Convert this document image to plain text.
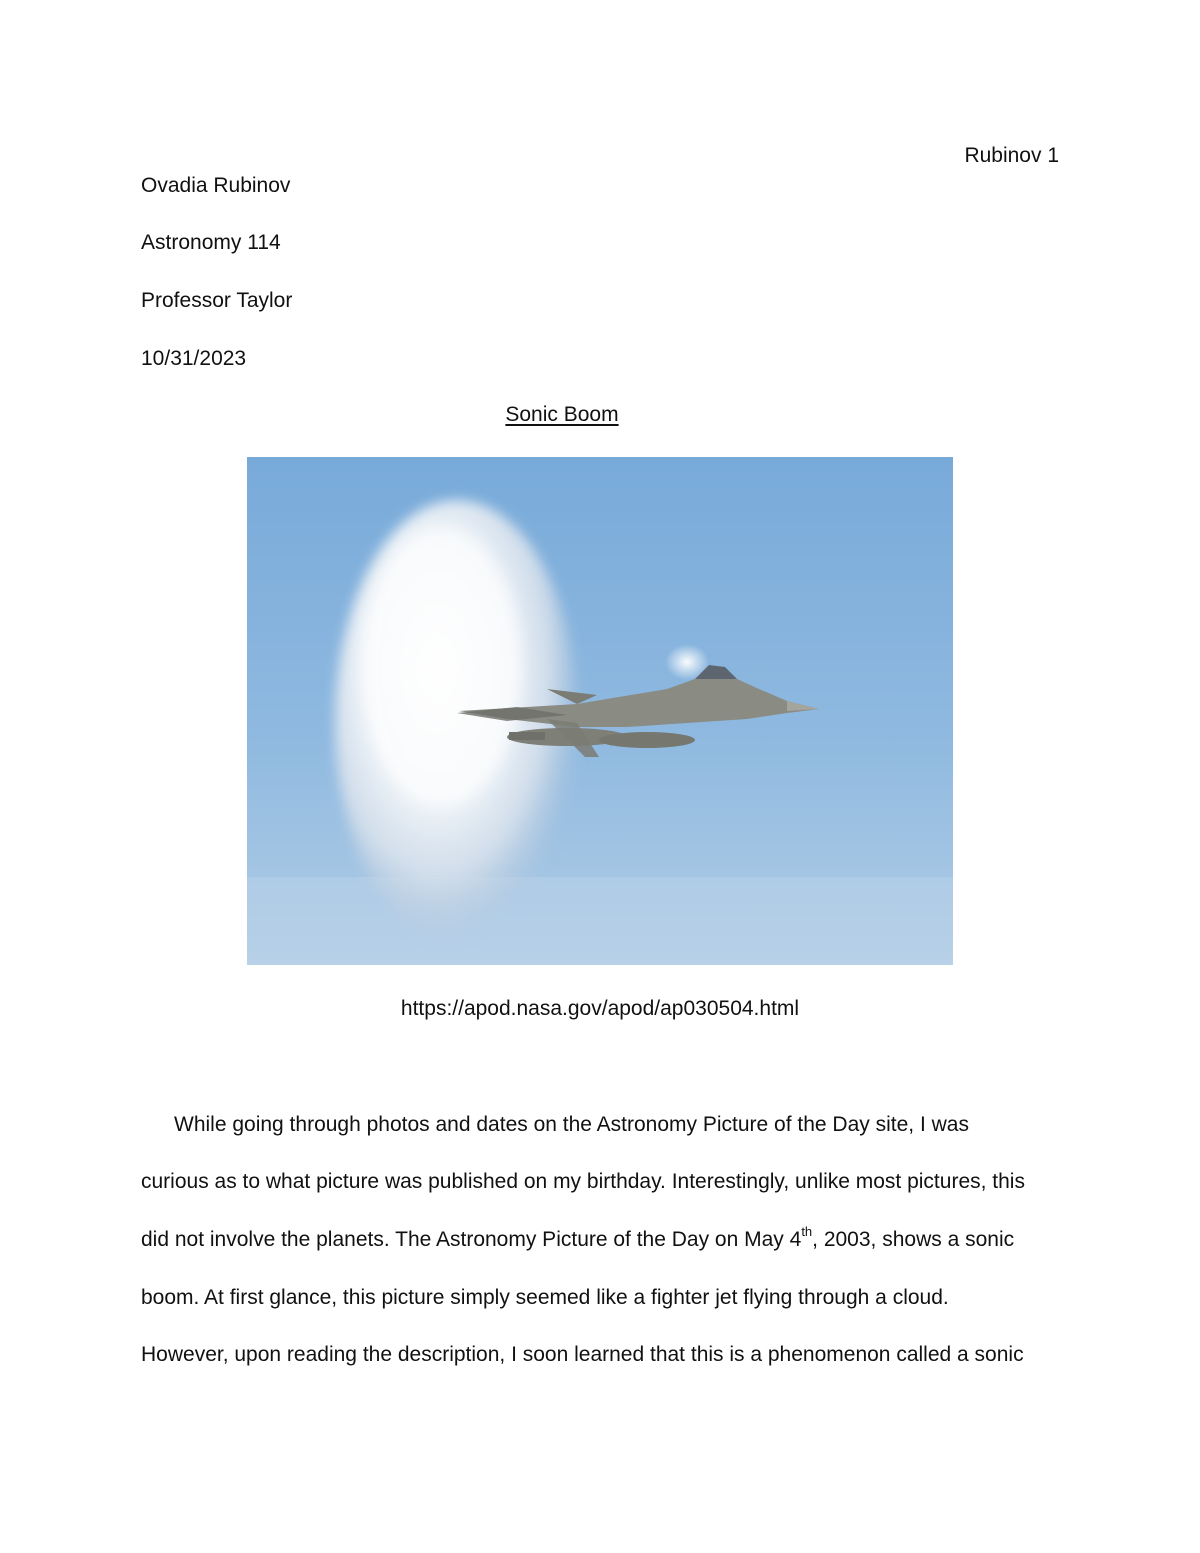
Rubinov 1
Ovadia Rubinov
Astronomy 114
Professor Taylor
10/31/2023
Sonic Boom
https://apod.nasa.gov/apod/ap030504.html
While going through photos and dates on the Astronomy Picture of the Day site, I was
curious as to what picture was published on my birthday. Interestingly, unlike most pictures, this
did not involve the planets. The Astronomy Picture of the Day on May 4th, 2003, shows a sonic
boom. At first glance, this picture simply seemed like a fighter jet flying through a cloud.
However, upon reading the description, I soon learned that this is a phenomenon called a sonic
